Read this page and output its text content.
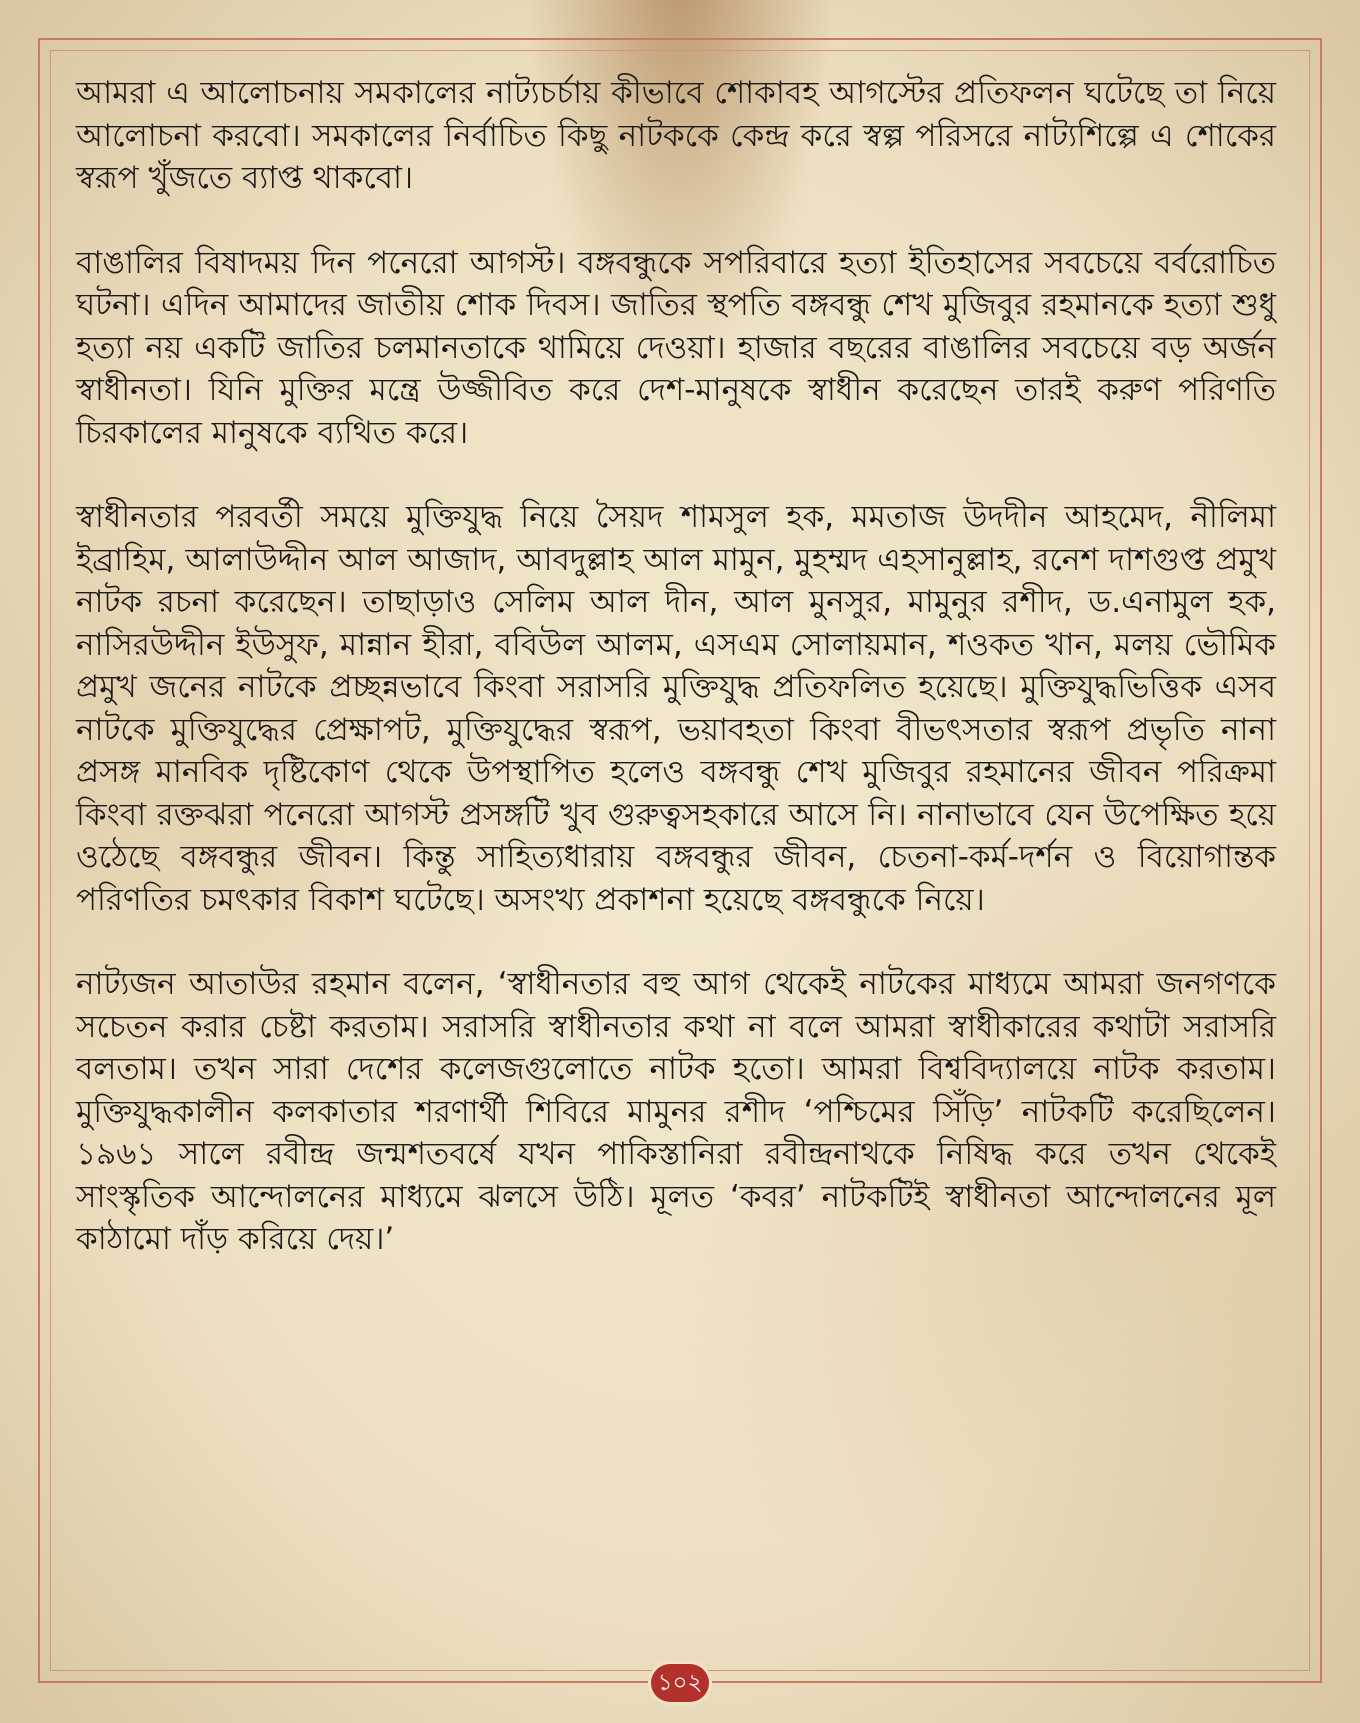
আমরা এ আলোচনায় সমকালের নাট্যচর্চায় কীভাবে শোকাবহ আগস্টের প্রতিফলন ঘটেছে তা নিয়ে আলোচনা করবো। সমকালের নির্বাচিত কিছু নাটককে কেন্দ্র করে স্বল্প পরিসরে নাট্যশিল্পে এ শোকের স্বরূপ খুঁজতে ব্যাপ্ত থাকবো।

বাঙালির বিষাদময় দিন পনেরো আগস্ট। বঙ্গবন্ধুকে সপরিবারে হত্যা ইতিহাসের সবচেয়ে বর্বরোচিত ঘটনা। এদিন আমাদের জাতীয় শোক দিবস। জাতির স্থপতি বঙ্গবন্ধু শেখ মুজিবুর রহমানকে হত্যা শুধু হত্যা নয় একটি জাতির চলমানতাকে থামিয়ে দেওয়া। হাজার বছরের বাঙালির সবচেয়ে বড় অর্জন স্বাধীনতা। যিনি মুক্তির মন্ত্রে উজ্জীবিত করে দেশ-মানুষকে স্বাধীন করেছেন তারই করুণ পরিণতি চিরকালের মানুষকে ব্যথিত করে।

স্বাধীনতার পরবর্তী সময়ে মুক্তিযুদ্ধ নিয়ে সৈয়দ শামসুল হক, মমতাজ উদদীন আহমেদ, নীলিমা ইব্রাহিম, আলাউদ্দীন আল আজাদ, আবদুল্লাহ আল মামুন, মুহম্মদ এহসানুল্লাহ, রনেশ দাশগুপ্ত প্রমুখ নাটক রচনা করেছেন। তাছাড়াও সেলিম আল দীন, আল মুনসুর, মামুনুর রশীদ, ড.এনামুল হক, নাসিরউদ্দীন ইউসুফ, মান্নান হীরা, ববিউল আলম, এসএম সোলায়মান, শওকত খান, মলয় ভৌমিক প্রমুখ জনের নাটকে প্রচ্ছন্নভাবে কিংবা সরাসরি মুক্তিযুদ্ধ প্রতিফলিত হয়েছে। মুক্তিযুদ্ধভিত্তিক এসব নাটকে মুক্তিযুদ্ধের প্রেক্ষাপট, মুক্তিযুদ্ধের স্বরূপ, ভয়াবহতা কিংবা বীভৎসতার স্বরূপ প্রভৃতি নানা প্রসঙ্গ মানবিক দৃষ্টিকোণ থেকে উপস্থাপিত হলেও বঙ্গবন্ধু শেখ মুজিবুর রহমানের জীবন পরিক্রমা কিংবা রক্তঝরা পনেরো আগস্ট প্রসঙ্গটি খুব গুরুত্বসহকারে আসে নি। নানাভাবে যেন উপেক্ষিত হয়ে ওঠেছে বঙ্গবন্ধুর জীবন। কিন্তু সাহিত্যধারায় বঙ্গবন্ধুর জীবন, চেতনা-কর্ম-দর্শন ও বিয়োগান্তক পরিণতির চমৎকার বিকাশ ঘটেছে। অসংখ্য প্রকাশনা হয়েছে বঙ্গবন্ধুকে নিয়ে।

নাট্যজন আতাউর রহমান বলেন, ‘স্বাধীনতার বহু আগ থেকেই নাটকের মাধ্যমে আমরা জনগণকে সচেতন করার চেষ্টা করতাম। সরাসরি স্বাধীনতার কথা না বলে আমরা স্বাধীকারের কথাটা সরাসরি বলতাম। তখন সারা দেশের কলেজগুলোতে নাটক হতো। আমরা বিশ্ববিদ্যালয়ে নাটক করতাম। মুক্তিযুদ্ধকালীন কলকাতার শরণার্থী শিবিরে মামুনর রশীদ ‘পশ্চিমের সিঁড়ি’ নাটকটি করেছিলেন। ১৯৬১ সালে রবীন্দ্র জন্মশতবর্ষে যখন পাকিস্তানিরা রবীন্দ্রনাথকে নিষিদ্ধ করে তখন থেকেই সাংস্কৃতিক আন্দোলনের মাধ্যমে ঝলসে উঠি। মূলত ‘কবর’ নাটকটিই স্বাধীনতা আন্দোলনের মূল কাঠামো দাঁড় করিয়ে দেয়।’

১০২
